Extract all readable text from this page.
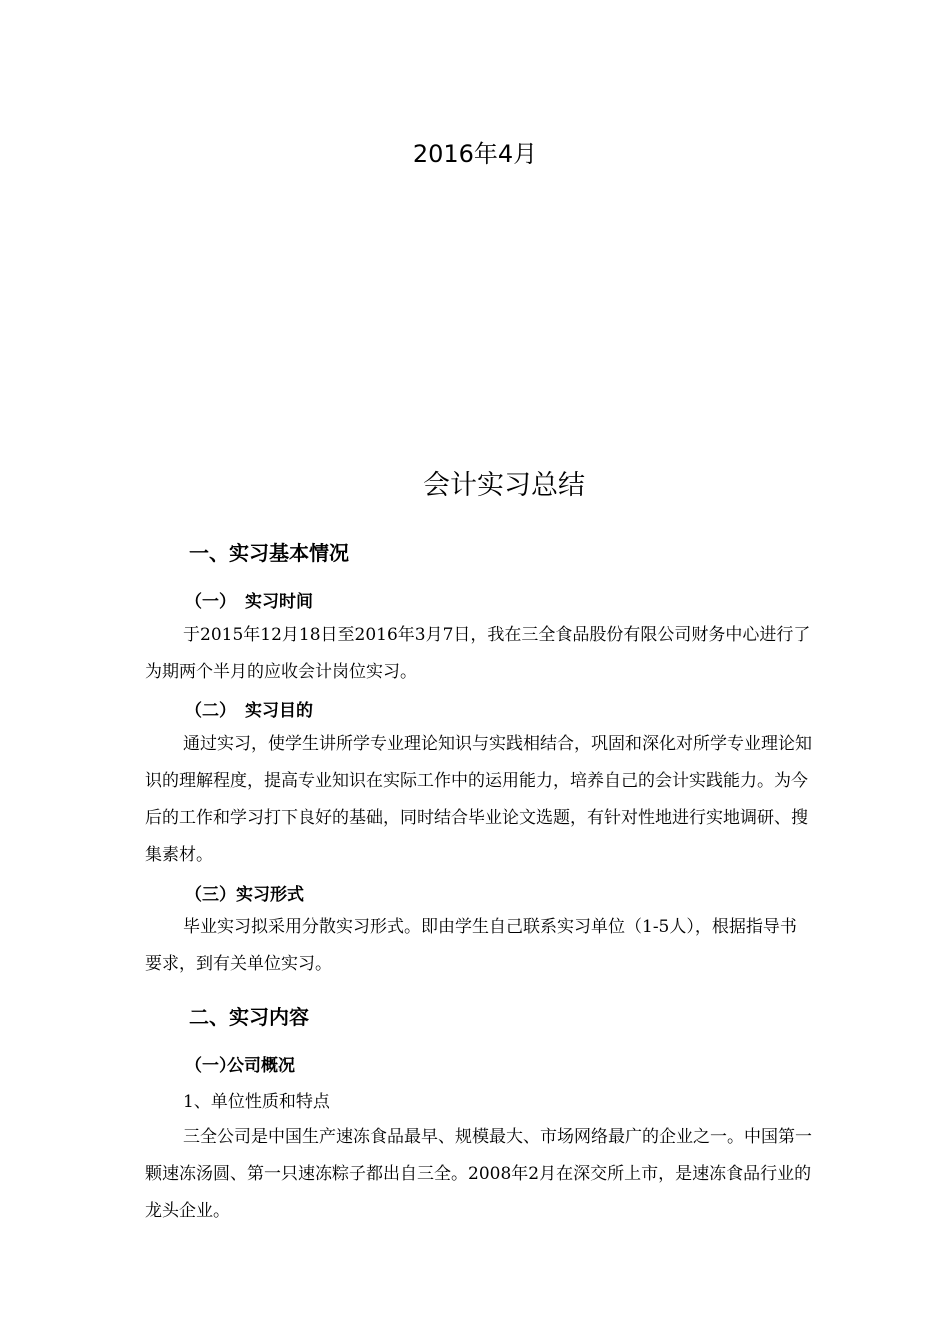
2016年4月
会计实习总结
一、实习基本情况
（一） 实习时间

于2015年12月18日至2016年3月7日，我在三全食品股份有限公司财务中心进行了为期两个半月的应收会计岗位实习。

（二） 实习目的

通过实习，使学生讲所学专业理论知识与实践相结合，巩固和深化对所学专业理论知识的理解程度，提高专业知识在实际工作中的运用能力，培养自己的会计实践能力。为今后的工作和学习打下良好的基础，同时结合毕业论文选题，有针对性地进行实地调研、搜集素材。

（三）实习形式

毕业实习拟采用分散实习形式。即由学生自己联系实习单位（1-5人），根据指导书 要求，到有关单位实习。

二、实习内容
（一）公司概况
1、单位性质和特点

三全公司是中国生产速冻食品最早、规模最大、市场网络最广的企业之一。中国第一颗速冻汤圆、第一只速冻粽子都出自三全。2008年2月在深交所上市，是速冻食品行业的龙头企业。
